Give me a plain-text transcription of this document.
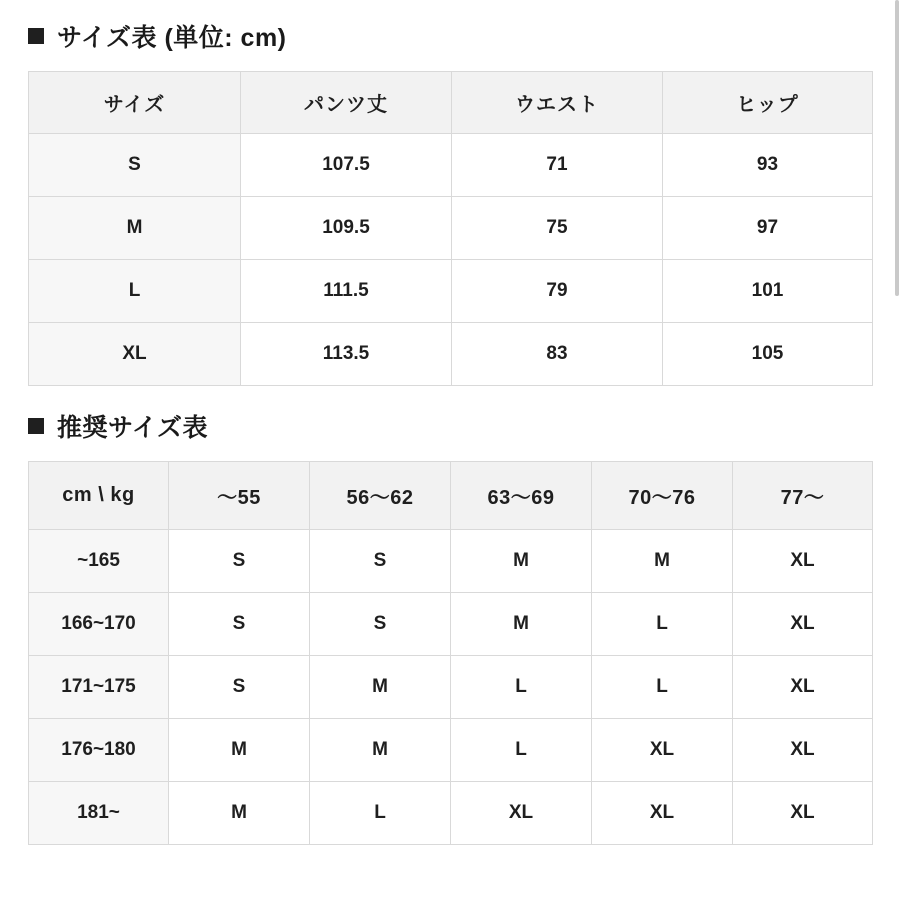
サイズ表 (単位: cm)
サイズ	パンツ丈	ウエスト	ヒップ
S	107.5	71	93
M	109.5	75	97
L	111.5	79	101
XL	113.5	83	105
推奨サイズ表
cm \ kg	〜55	56〜62	63〜69	70〜76	77〜
~165	S	S	M	M	XL
166~170	S	S	M	L	XL
171~175	S	M	L	L	XL
176~180	M	M	L	XL	XL
181~	M	L	XL	XL	XL
